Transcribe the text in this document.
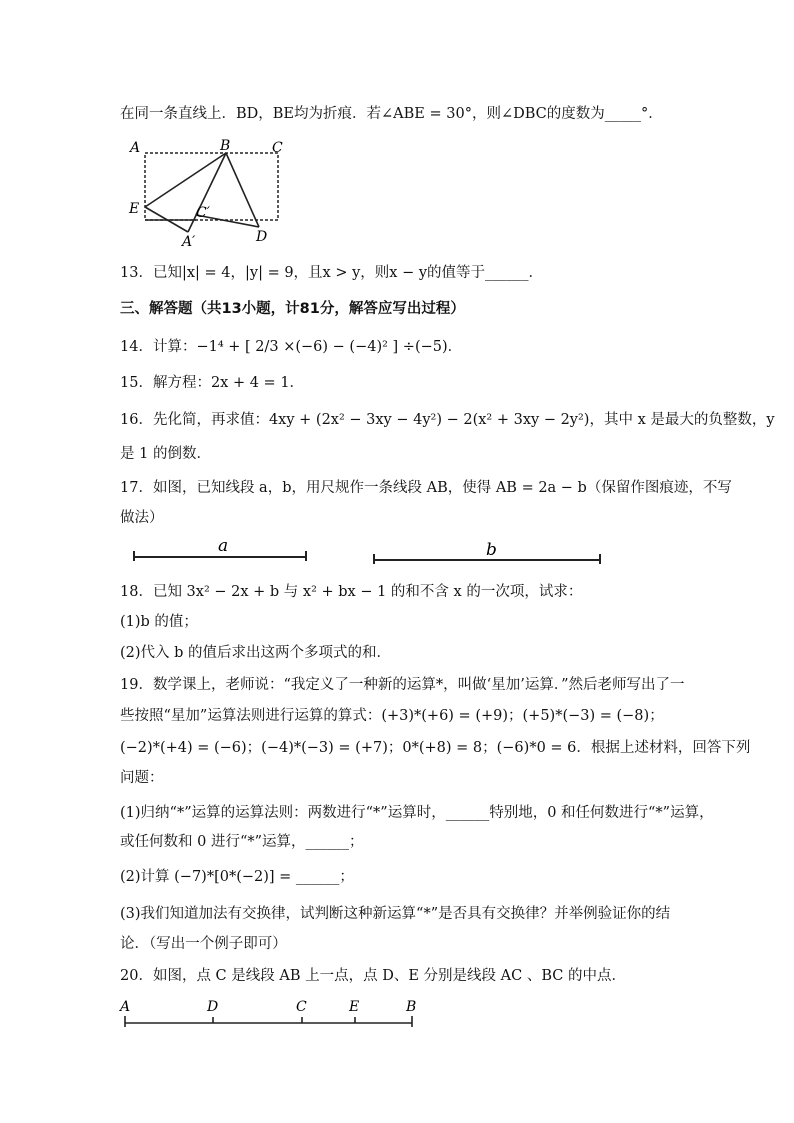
在同一条直线上．BD，BE均为折痕．若∠ABE = 30°，则∠DBC的度数为_____°．
A	B	C
E	C′
A′	D
13．已知|x| = 4，|y| = 9，且x > y，则x − y的值等于______．
三、解答题（共13小题，计81分，解答应写出过程）
14．计算：−1⁴ + [ 2/3 ×(−6) − (−4)² ] ÷(−5)．
15．解方程：2x + 4 = 1．
16．先化简，再求值：4xy + (2x² − 3xy − 4y²) − 2(x² + 3xy − 2y²)，其中 x 是最大的负整数，y
是 1 的倒数．
17．如图，已知线段 a，b，用尺规作一条线段 AB，使得 AB = 2a − b（保留作图痕迹，不写
做法）
a	b
18．已知 3x² − 2x + b 与 x² + bx − 1 的和不含 x 的一次项，试求：
(1)b 的值；
(2)代入 b 的值后求出这两个多项式的和．
19．数学课上，老师说：“我定义了一种新的运算*，叫做‘星加’运算．”然后老师写出了一
些按照“星加”运算法则进行运算的算式：(+3)*(+6) = (+9)；(+5)*(−3) = (−8)；
(−2)*(+4) = (−6)；(−4)*(−3) = (+7)；0*(+8) = 8；(−6)*0 = 6．根据上述材料，回答下列
问题：
(1)归纳“*”运算的运算法则：两数进行“*”运算时，______特别地，0 和任何数进行“*”运算，
或任何数和 0 进行“*”运算，______；
(2)计算 (−7)*[0*(−2)] = ______；
(3)我们知道加法有交换律，试判断这种新运算“*”是否具有交换律？并举例验证你的结
论．（写出一个例子即可）
20．如图，点 C 是线段 AB 上一点，点 D、E 分别是线段 AC 、BC 的中点．
A	D	C	E	B
